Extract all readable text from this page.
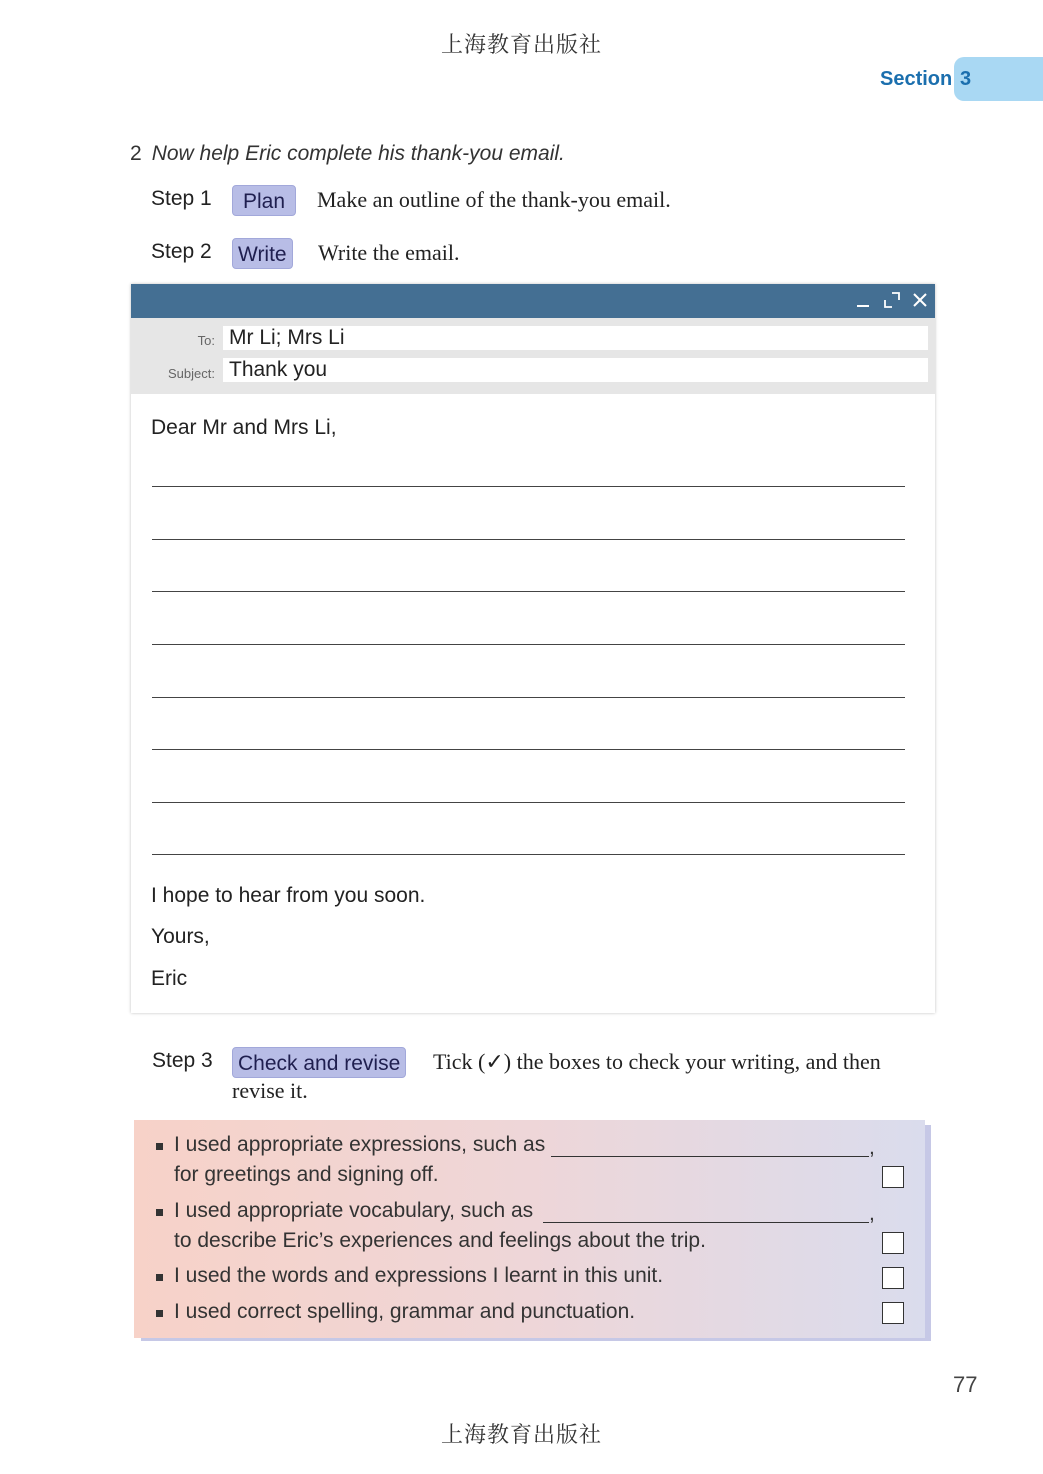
上海教育出版社
Section 3
2 Now help Eric complete his thank-you email.
Step 1	Plan	Make an outline of the thank-you email.
Step 2 Write Write the email.
To: Mr Li; Mrs Li
Subject: Thank you
Dear Mr and Mrs Li,
I hope to hear from you soon.
Yours,
Eric
Step 3 Check and revise Tick (✓) the boxes to check your writing, and then
revise it.
I used appropriate expressions, such as	,
for greetings and signing off.
I used appropriate vocabulary, such as	,
to describe Eric’s experiences and feelings about the trip.
I used the words and expressions I learnt in this unit.
I used correct spelling, grammar and punctuation.
77
上海教育出版社
